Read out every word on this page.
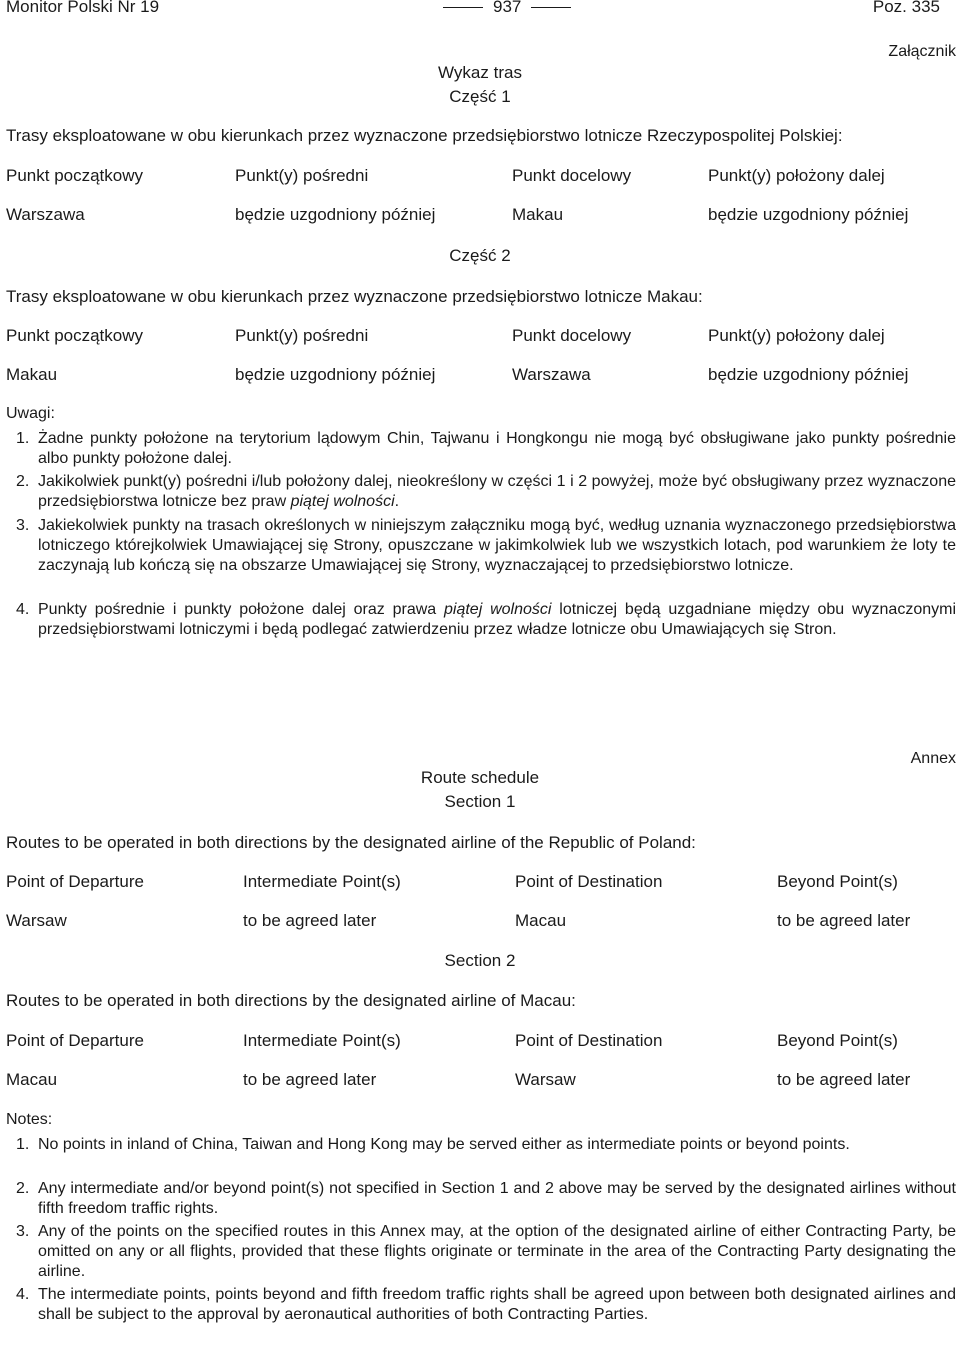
Monitor Polski Nr 19	937	Poz. 335
Załącznik
Wykaz tras
Część 1
Trasy eksploatowane w obu kierunkach przez wyznaczone przedsiębiorstwo lotnicze Rzeczypospolitej Polskiej:
Punkt początkowy	Punkt(y) pośredni	Punkt docelowy	Punkt(y) położony dalej
Warszawa	będzie uzgodniony później	Makau	będzie uzgodniony później
Część 2
Trasy eksploatowane w obu kierunkach przez wyznaczone przedsiębiorstwo lotnicze Makau:
Punkt początkowy	Punkt(y) pośredni	Punkt docelowy	Punkt(y) położony dalej
Makau	będzie uzgodniony później	Warszawa	będzie uzgodniony później
Uwagi:
1. Żadne punkty położone na terytorium lądowym Chin, Tajwanu i Hongkongu nie mogą być obsługiwane jako punkty pośrednie albo punkty położone dalej.
2. Jakikolwiek punkt(y) pośredni i/lub położony dalej, nieokreślony w części 1 i 2 powyżej, może być obsługiwany przez wyznaczone przedsiębiorstwa lotnicze bez praw piątej wolności.
3. Jakiekolwiek punkty na trasach określonych w niniejszym załączniku mogą być, według uznania wyznaczonego przedsiębiorstwa lotniczego którejkolwiek Umawiającej się Strony, opuszczane w jakimkolwiek lub we wszystkich lotach, pod warunkiem że loty te zaczynają lub kończą się na obszarze Umawiającej się Strony, wyznaczającej to przedsiębiorstwo lotnicze.
4. Punkty pośrednie i punkty położone dalej oraz prawa piątej wolności lotniczej będą uzgadniane między obu wyznaczonymi przedsiębiorstwami lotniczymi i będą podlegać zatwierdzeniu przez władze lotnicze obu Umawiających się Stron.
Annex
Route schedule
Section 1
Routes to be operated in both directions by the designated airline of the Republic of Poland:
Point of Departure	Intermediate Point(s)	Point of Destination	Beyond Point(s)
Warsaw	to be agreed later	Macau	to be agreed later
Section 2
Routes to be operated in both directions by the designated airline of Macau:
Point of Departure	Intermediate Point(s)	Point of Destination	Beyond Point(s)
Macau	to be agreed later	Warsaw	to be agreed later
Notes:
1. No points in inland of China, Taiwan and Hong Kong may be served either as intermediate points or beyond points.
2. Any intermediate and/or beyond point(s) not specified in Section 1 and 2 above may be served by the designated airlines without fifth freedom traffic rights.
3. Any of the points on the specified routes in this Annex may, at the option of the designated airline of either Contracting Party, be omitted on any or all flights, provided that these flights originate or terminate in the area of the Contracting Party designating the airline.
4. The intermediate points, points beyond and fifth freedom traffic rights shall be agreed upon between both designated airlines and shall be subject to the approval by aeronautical authorities of both Contracting Parties.
